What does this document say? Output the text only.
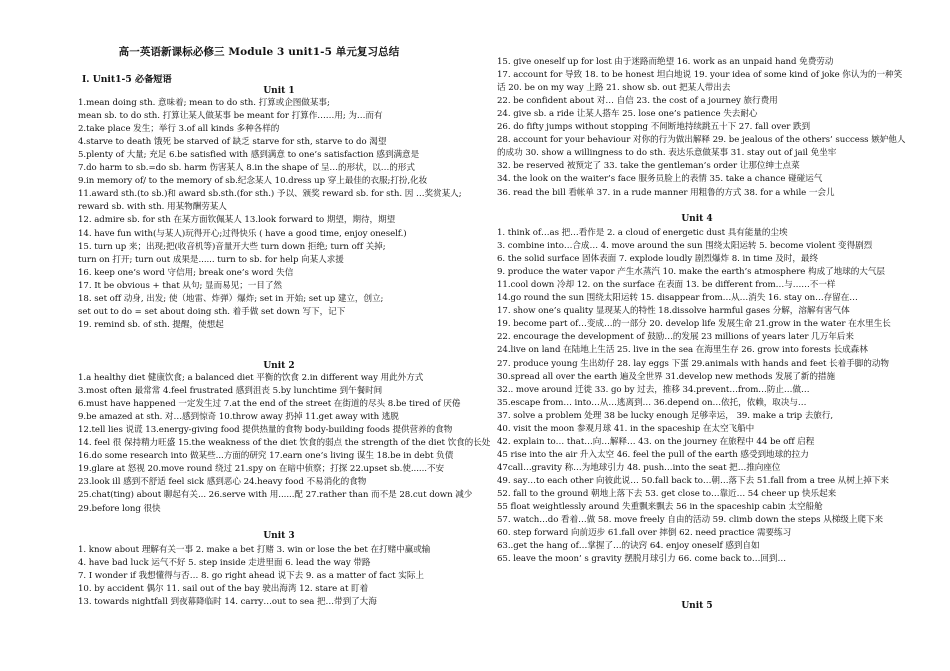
高一英语新课标必修三 Module 3 unit1-5 单元复习总结
I. Unit1-5 必备短语
Unit 1
1.mean doing sth. 意味着; mean to do sth. 打算或企图做某事;
mean sb. to do sth. 打算让某人做某事 be meant for 打算作……用; 为…而有
2.take place 发生；举行 3.of all kinds 多种各样的
4.starve to death 饿死 be starved of 缺乏 starve for sth, starve to do 渴望
5.plenty of 大量; 充足 6.be satisfied with 感到满意 to one’s satisfaction 感到满意是
7.do harm to sb.=do sb. harm 伤害某人 8.in the shape of 呈…的形状，以…的形式
9.in memory of/ to the memory of sb.纪念某人 10.dress up 穿上最佳的衣服;打扮,化妆
11.award sth.(to sb.)和 award sb.sth.(for sth.) 予以、颁奖 reward sb. for sth. 因 …奖赏某人;
reward sb. with sth. 用某物酬劳某人
12. admire sb. for sth 在某方面钦佩某人 13.look forward to 期望，期待，期望
14. have fun with(与某人)玩得开心;过得快乐 ( have a good time, enjoy oneself.)
15. turn up 来；出现;把(收音机等)音量开大些 turn down 拒绝; turn off 关掉;
turn on 打开; turn out 成果是...... turn to sb. for help 向某人求援
16. keep one’s word 守信用; break one’s word 失信
17. It be obvious + that 从句; 显而易见；一目了然
18. set off 动身, 出发; 使（地雷、炸弹）爆炸; set in 开始; set up 建立，创立;
set out to do = set about doing sth. 着手做 set down 写下，记下
19. remind sb. of sth. 提醒，使想起
Unit 2
1.a healthy diet 健康饮食; a balanced diet 平衡的饮食 2.in different way 用此外方式
3.most often 最常常 4.feel frustrated 感到沮丧 5.by lunchtime 到午餐时间
6.must have happened 一定发生过 7.at the end of the street 在街道的尽头 8.be tired of 厌倦
9.be amazed at sth. 对…感到惊奇 10.throw away 扔掉 11.get away with 逃脱
12.tell lies 说谎 13.energy-giving food 提供热量的食物 body-building foods 提供营养的食物
14. feel 很 保持精力旺盛 15.the weakness of the diet 饮食的弱点 the strength of the diet 饮食的长处
16.do some research into 做某些...方面的研究 17.earn one’s living 谋生 18.be in debt 负债
19.glare at 怒视 20.move round 绕过 21.spy on 在暗中侦察；打探 22.upset sb.使......不安
23.look ill 感到不舒适 feel sick 感到恶心 24.heavy food 不易消化的食物
25.chat(ting) about 聊起有关... 26.serve with 用......配 27.rather than 而不是 28.cut down 减少
29.before long 很快
Unit 3
1. know about 理解有关一事 2. make a bet 打赌 3. win or lose the bet 在打赌中赢或输
4. have bad luck 运气不好 5. step inside 走进里面 6. lead the way 带路
7. I wonder if 我想懂得与否… 8. go right ahead 说下去 9. as a matter of fact 实际上
10. by accident 偶尔 11. sail out of the bay 驶出海湾 12. stare at 盯着
13. towards nightfall 到夜幕降临时 14. carry…out to sea 把…带到了大海
15. give oneself up for lost 由于迷路而绝望 16. work as an unpaid hand 免费劳动
17. account for 导致 18. to be honest 坦白地说 19. your idea of some kind of joke 你认为的一种笑
话 20. be on my way 上路 21. show sb. out 把某人带出去
22. be confident about 对… 自信 23. the cost of a journey 旅行费用
24. give sb. a ride 让某人搭车 25. lose one’s patience 失去耐心
26. do fifty jumps without stopping 不间断地持续跳五十下 27. fall over 跌到
28. account for your behaviour 对你的行为做出解释 29. be jealous of the others’ success 嫉妒他人
的成功 30. show a willingness to do sth. 表达乐意做某事 31. stay out of jail 免坐牢
32. be reserved 被预定了 33. take the gentleman’s order 让那位绅士点菜
34. the look on the waiter’s face 服务员脸上的表情 35. take a chance 碰碰运气
36. read the bill 看帐单 37. in a rude manner 用粗鲁的方式 38. for a while 一会儿
Unit 4
1. think of…as 把…看作是 2. a cloud of energetic dust 具有能量的尘埃
3. combine into…合成… 4. move around the sun 围绕太阳运转 5. become violent 变得剧烈
6. the solid surface 固体表面 7. explode loudly 剧烈爆炸 8. in time 及时，最终
9. produce the water vapor 产生水蒸汽 10. make the earth’s atmosphere 构成了地球的大气层
11.cool down 冷却 12. on the surface 在表面 13. be different from…与……不一样
14.go round the sun 围绕太阳运转 15. disappear from…从…消失 16. stay on…存留在…
17. show one’s quality 显现某人的特性 18.dissolve harmful gases 分解，溶解有害气体
19. become part of…变成…的一部分 20. develop life 发展生命 21.grow in the water 在水里生长
22. encourage the development of 鼓励…的发展 23 millions of years later 几万年后来
24.live on land 在陆地上生活 25. live in the sea 在海里生存 26. grow into forests 长成森林
27. produce young 生出幼仔 28. lay eggs 下蛋 29.animals with hands and feet 长着手脚的动物
30.spread all over the earth 遍及全世界 31.develop new methods 发展了新的措施
32.. move around 迁徙 33. go by 过去，推移 34.prevent…from…防止…做…
35.escape from… into…从…逃离到… 36.depend on…依托，依赖，取决与…
37. solve a problem 处理 38 be lucky enough 足够幸运， 39. make a trip 去旅行,
40. visit the moon 参观月球 41. in the spaceship 在太空飞船中
42. explain to… that…向…解释… 43. on the journey 在旅程中 44 be off 启程
45 rise into the air 升入太空 46. feel the pull of the earth 感受到地球的拉力
47call…gravity 称…为地球引力 48. push…into the seat 把…推向座位
49. say…to each other 向彼此说… 50.fall back to…朝…落下去 51.fall from a tree 从树上掉下来
52. fall to the ground 朝地上落下去 53. get close to…靠近… 54 cheer up 快乐起来
55 float weightlessly around 失重飘来飘去 56 in the spaceship cabin 太空船舱
57. watch…do 看着…做 58. move freely 自由的活动 59. climb down the steps 从梯级上爬下来
60. step forward 向前迈步 61.fall over 摔倒 62. need practice 需要练习
63..get the hang of…掌握了…的诀窍 64. enjoy oneself 感到自如
65. leave the moon’ s gravity 摆脱月球引力 66. come back to…回到…
Unit 5
